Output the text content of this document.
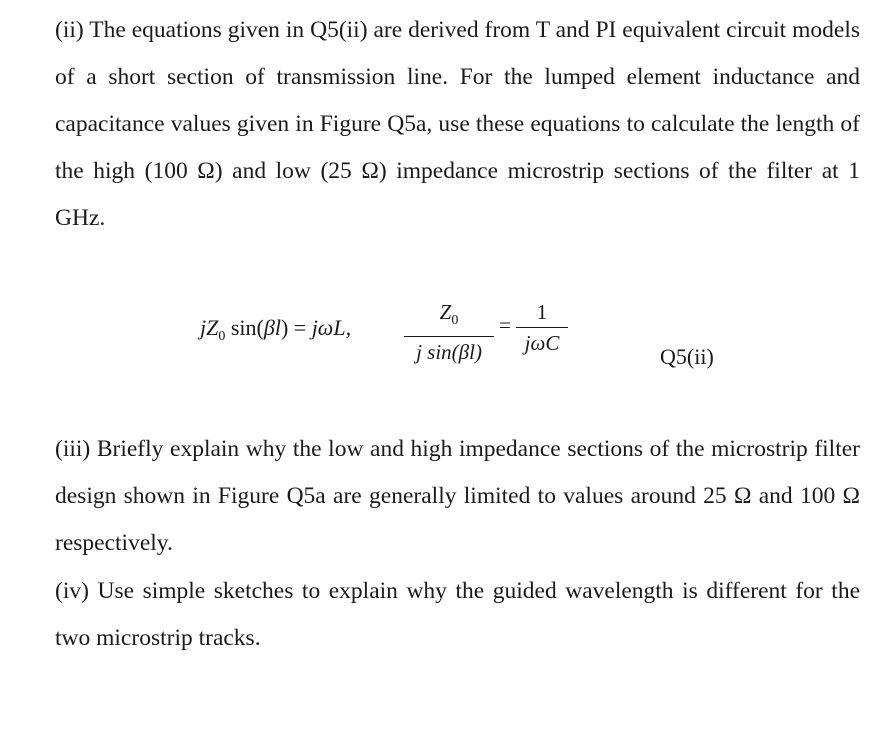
(ii) The equations given in Q5(ii) are derived from T and PI equivalent circuit models of a short section of transmission line. For the lumped element inductance and capacitance values given in Figure Q5a, use these equations to calculate the length of the high (100 Ω) and low (25 Ω) impedance microstrip sections of the filter at 1 GHz.

$jZ_0$ sin(βl) = jωL,
$Z_0$
j sin(βl)
=
1
jωC
Q5(ii)

(iii) Briefly explain why the low and high impedance sections of the microstrip filter design shown in Figure Q5a are generally limited to values around 25 Ω and 100 Ω respectively.

(iv) Use simple sketches to explain why the guided wavelength is different for the two microstrip tracks.
